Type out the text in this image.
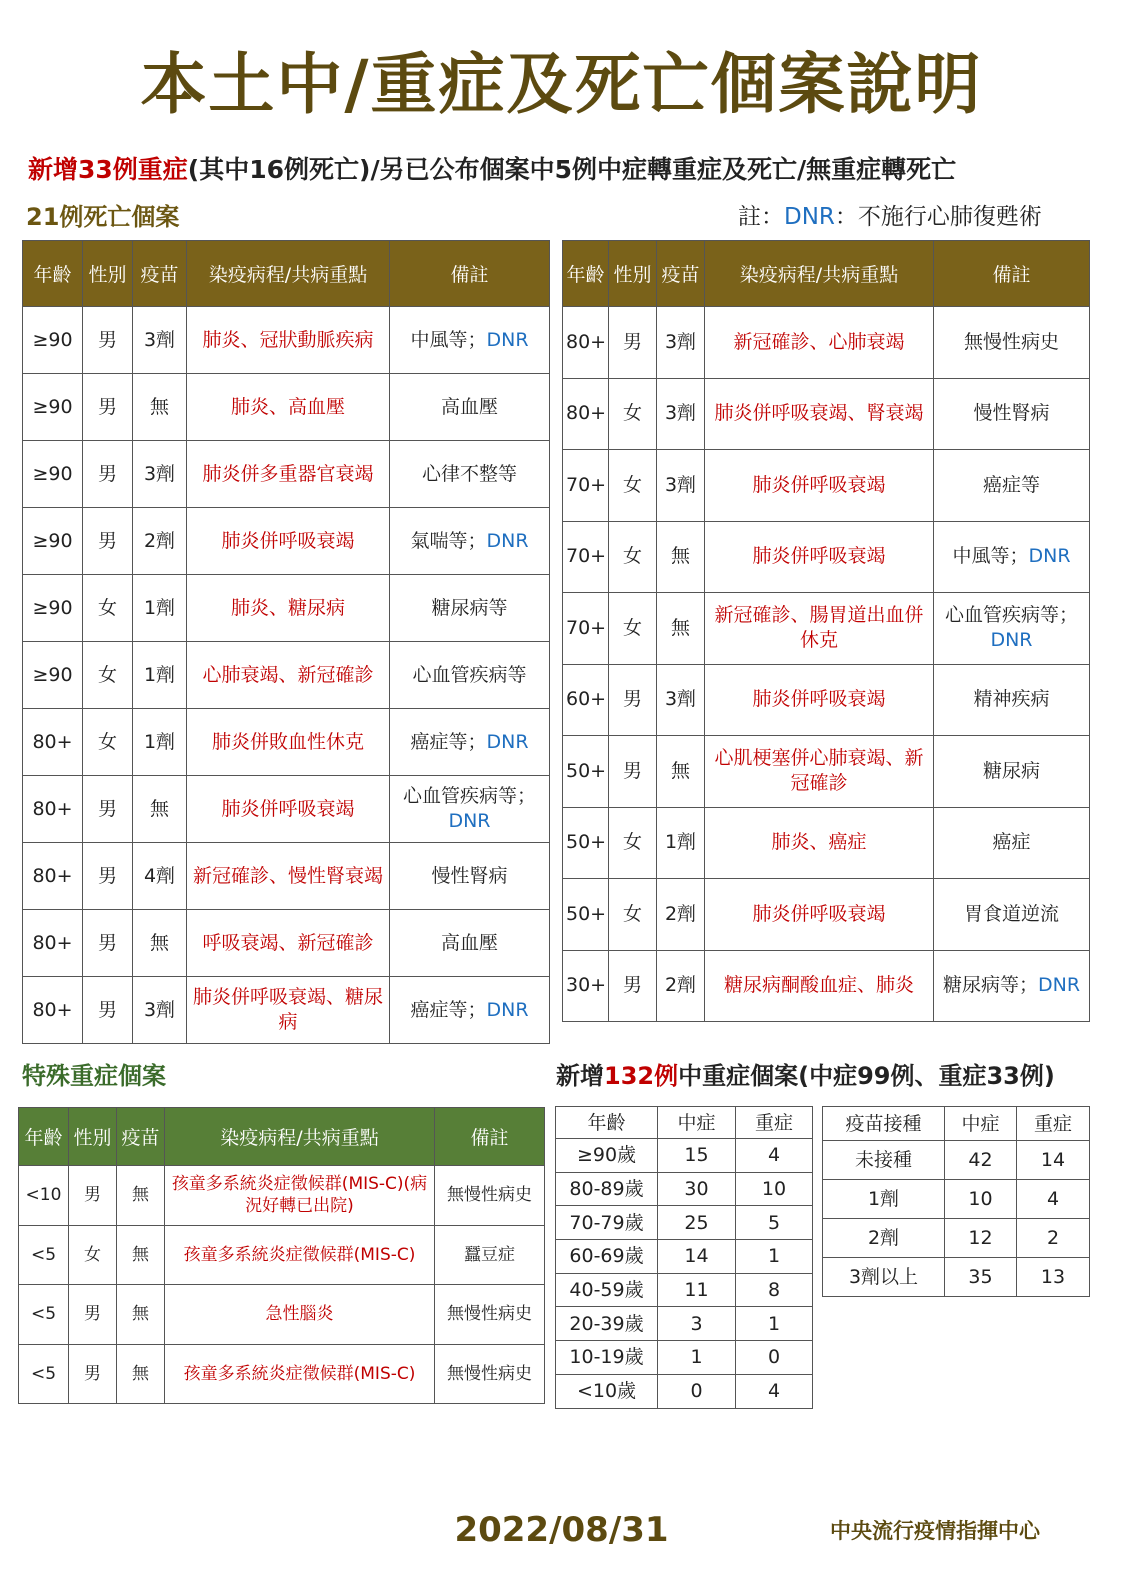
本土中/重症及死亡個案說明
新增33例重症(其中16例死亡)/另已公布個案中5例中症轉重症及死亡/無重症轉死亡
21例死亡個案	註：DNR：不施行心肺復甦術
年齡	性別	疫苗	染疫病程/共病重點	備註
≥90	男	3劑	肺炎、冠狀動脈疾病	中風等；DNR
≥90	男	無	肺炎、高血壓	高血壓
≥90	男	3劑	肺炎併多重器官衰竭	心律不整等
≥90	男	2劑	肺炎併呼吸衰竭	氣喘等；DNR
≥90	女	1劑	肺炎、糖尿病	糖尿病等
≥90	女	1劑	心肺衰竭、新冠確診	心血管疾病等
80+	女	1劑	肺炎併敗血性休克	癌症等；DNR
80+	男	無	肺炎併呼吸衰竭	心血管疾病等；DNR
80+	男	4劑	新冠確診、慢性腎衰竭	慢性腎病
80+	男	無	呼吸衰竭、新冠確診	高血壓
80+	男	3劑	肺炎併呼吸衰竭、糖尿病	癌症等；DNR
年齡	性別	疫苗	染疫病程/共病重點	備註
80+	男	3劑	新冠確診、心肺衰竭	無慢性病史
80+	女	3劑	肺炎併呼吸衰竭、腎衰竭	慢性腎病
70+	女	3劑	肺炎併呼吸衰竭	癌症等
70+	女	無	肺炎併呼吸衰竭	中風等；DNR
70+	女	無	新冠確診、腸胃道出血併休克	心血管疾病等；DNR
60+	男	3劑	肺炎併呼吸衰竭	精神疾病
50+	男	無	心肌梗塞併心肺衰竭、新冠確診	糖尿病
50+	女	1劑	肺炎、癌症	癌症
50+	女	2劑	肺炎併呼吸衰竭	胃食道逆流
30+	男	2劑	糖尿病酮酸血症、肺炎	糖尿病等；DNR
特殊重症個案	新增132例中重症個案(中症99例、重症33例)
年齡	性別	疫苗	染疫病程/共病重點	備註
<10	男	無	孩童多系統炎症徵候群(MIS-C)(病況好轉已出院)	無慢性病史
<5	女	無	孩童多系統炎症徵候群(MIS-C)	蠶豆症
<5	男	無	急性腦炎	無慢性病史
<5	男	無	孩童多系統炎症徵候群(MIS-C)	無慢性病史
年齡	中症	重症
≥90歲	15	4
80-89歲	30	10
70-79歲	25	5
60-69歲	14	1
40-59歲	11	8
20-39歲	3	1
10-19歲	1	0
<10歲	0	4
疫苗接種	中症	重症
未接種	42	14
1劑	10	4
2劑	12	2
3劑以上	35	13
2022/08/31	中央流行疫情指揮中心
